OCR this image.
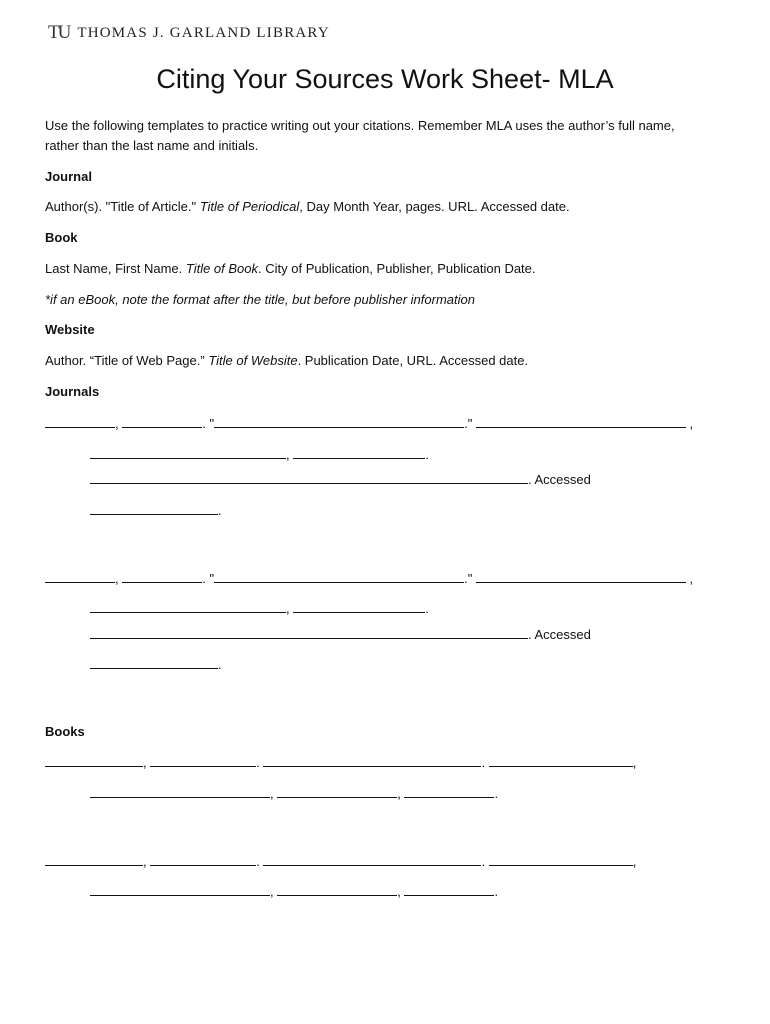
TU THOMAS J. GARLAND LIBRARY
Citing Your Sources Work Sheet- MLA
Use the following templates to practice writing out your citations. Remember MLA uses the author’s full name, rather than the last name and initials.
Journal
Author(s). "Title of Article." Title of Periodical, Day Month Year, pages. URL. Accessed date.
Book
Last Name, First Name. Title of Book. City of Publication, Publisher, Publication Date.
*if an eBook, note the format after the title, but before publisher information
Website
Author. “Title of Web Page.” Title of Website. Publication Date, URL. Accessed date.
Journals
,	. "	."	,
,	.
. Accessed
.
,	. "	."	,
,	.
. Accessed
.
Books
,	.	.	,
,	,	.
,	.	.	,
,	,	.
